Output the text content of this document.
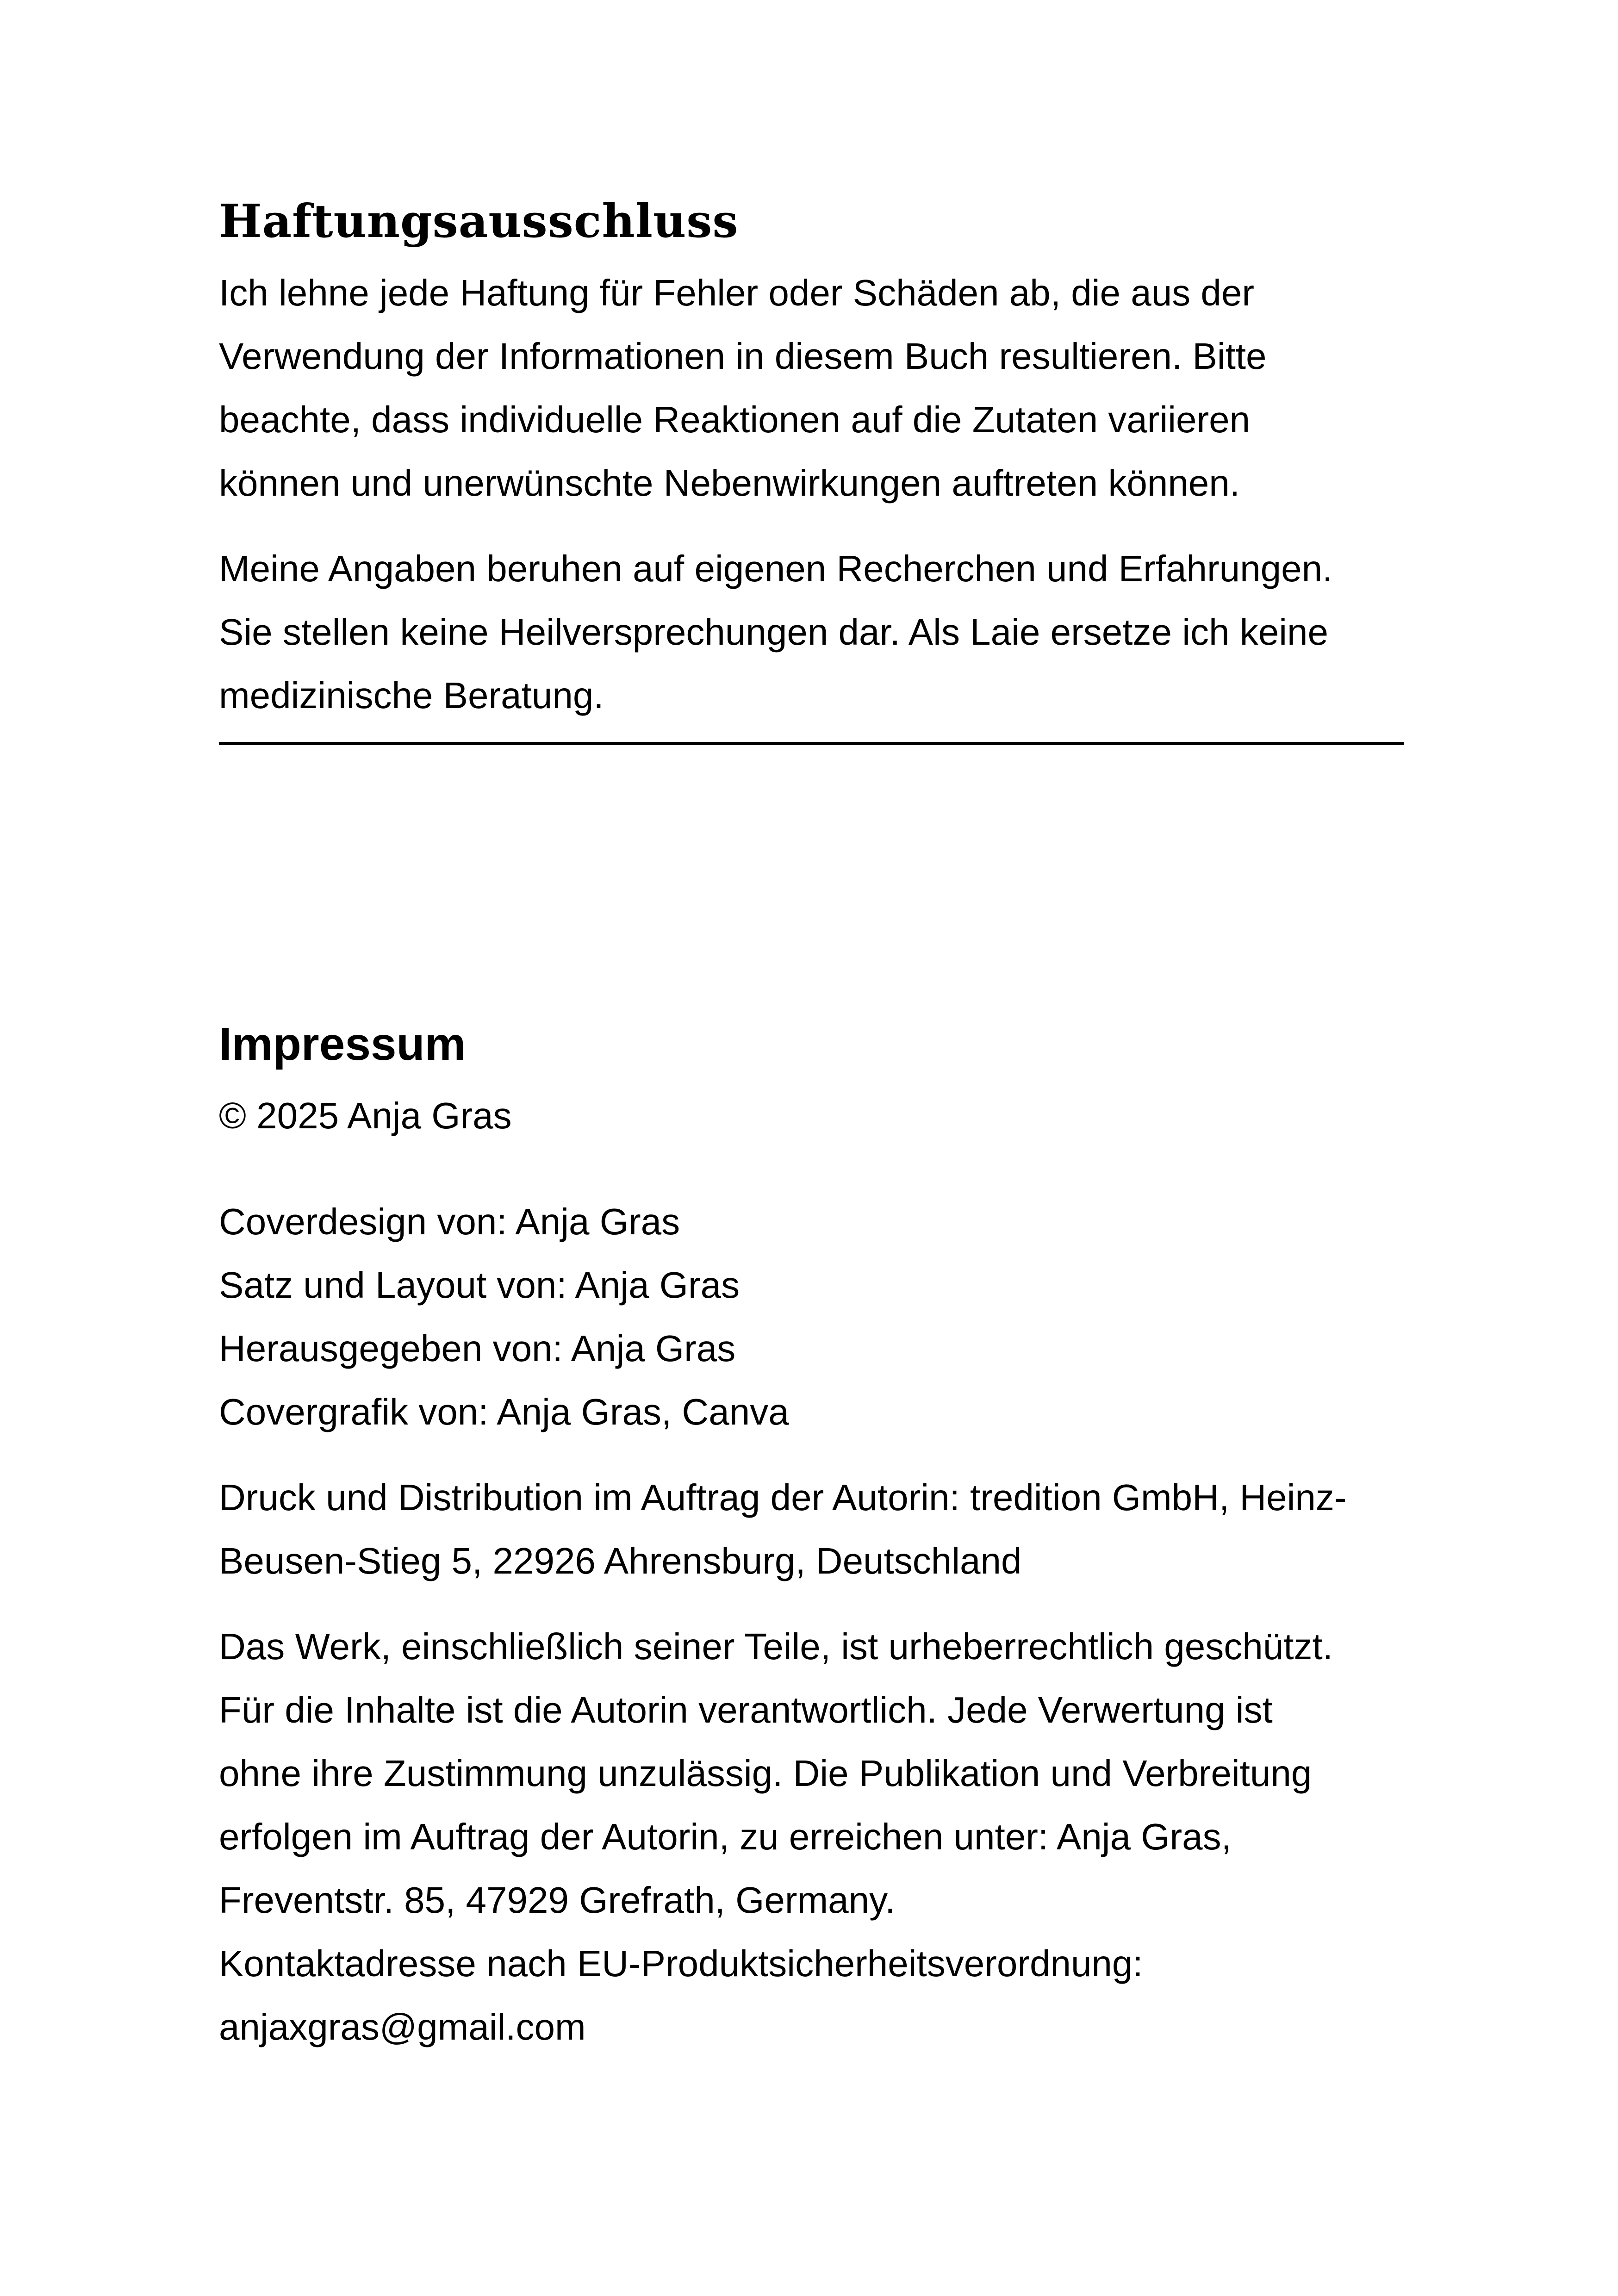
Haftungsausschluss

Ich lehne jede Haftung für Fehler oder Schäden ab, die aus der
Verwendung der Informationen in diesem Buch resultieren. Bitte
beachte, dass individuelle Reaktionen auf die Zutaten variieren
können und unerwünschte Nebenwirkungen auftreten können.

Meine Angaben beruhen auf eigenen Recherchen und Erfahrungen.
Sie stellen keine Heilversprechungen dar. Als Laie ersetze ich keine
medizinische Beratung.

Impressum

© 2025 Anja Gras

Coverdesign von: Anja Gras
Satz und Layout von: Anja Gras
Herausgegeben von: Anja Gras
Covergrafik von: Anja Gras, Canva

Druck und Distribution im Auftrag der Autorin: tredition GmbH, Heinz-
Beusen-Stieg 5, 22926 Ahrensburg, Deutschland

Das Werk, einschließlich seiner Teile, ist urheberrechtlich geschützt.
Für die Inhalte ist die Autorin verantwortlich. Jede Verwertung ist
ohne ihre Zustimmung unzulässig. Die Publikation und Verbreitung
erfolgen im Auftrag der Autorin, zu erreichen unter: Anja Gras,
Freventstr. 85, 47929 Grefrath, Germany.
Kontaktadresse nach EU-Produktsicherheitsverordnung:
anjaxgras@gmail.com
